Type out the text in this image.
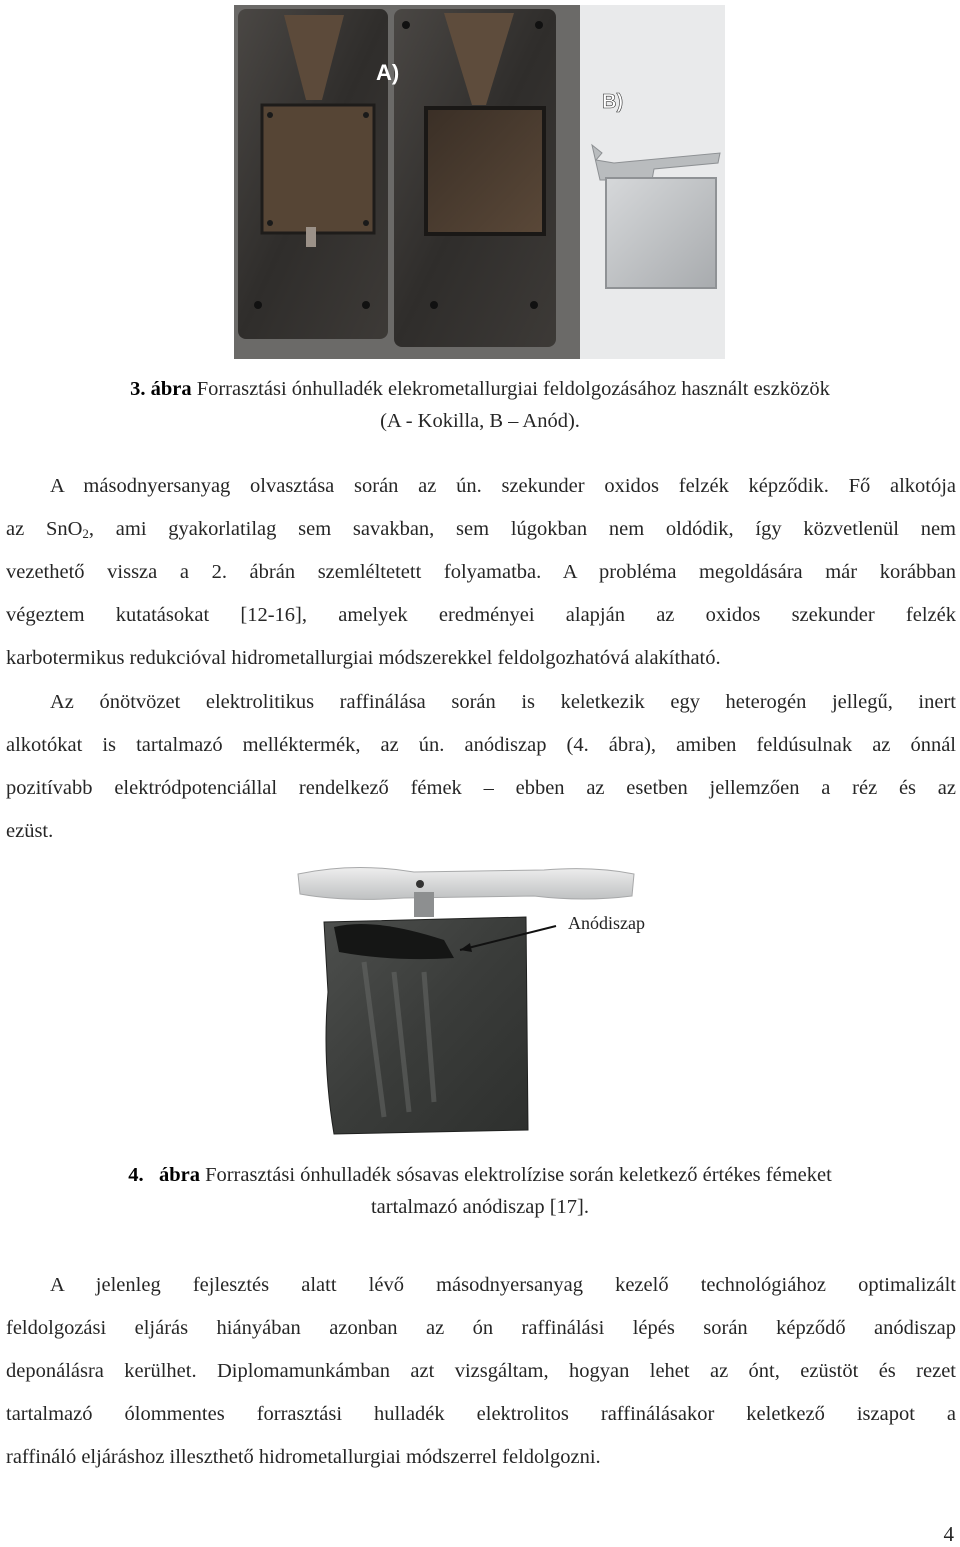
A)
B)
3. ábra Forrasztási ónhulladék elekrometallurgiai feldolgozásához használt eszközök
(A - Kokilla, B – Anód).
A másodnyersanyag olvasztása során az ún. szekunder oxidos felzék képződik. Fő alkotója
az SnO$_2$, ami gyakorlatilag sem savakban, sem lúgokban nem oldódik, így közvetlenül nem
vezethető vissza a 2. ábrán szemléltetett folyamatba. A probléma megoldására már korábban
végeztem kutatásokat [12-16], amelyek eredményei alapján az oxidos szekunder felzék
karbotermikus redukcióval hidrometallurgiai módszerekkel feldolgozhatóvá alakítható.
Az ónötvözet elektrolitikus raffinálása során is keletkezik egy heterogén jellegű, inert
alkotókat is tartalmazó melléktermék, az ún. anódiszap (4. ábra), amiben feldúsulnak az ónnál
pozitívabb elektródpotenciállal rendelkező fémek – ebben az esetben jellemzően a réz és az
ezüst.
Anódiszap
4.   ábra Forrasztási ónhulladék sósavas elektrolízise során keletkező értékes fémeket
tartalmazó anódiszap [17].
A jelenleg fejlesztés alatt lévő másodnyersanyag kezelő technológiához optimalizált
feldolgozási eljárás hiányában azonban az ón raffinálási lépés során képződő anódiszap
deponálásra kerülhet. Diplomamunkámban azt vizsgáltam, hogyan lehet az ónt, ezüstöt és rezet
tartalmazó ólommentes forrasztási hulladék elektrolitos raffinálásakor keletkező iszapot a
raffináló eljáráshoz illeszthető hidrometallurgiai módszerrel feldolgozni.
4
